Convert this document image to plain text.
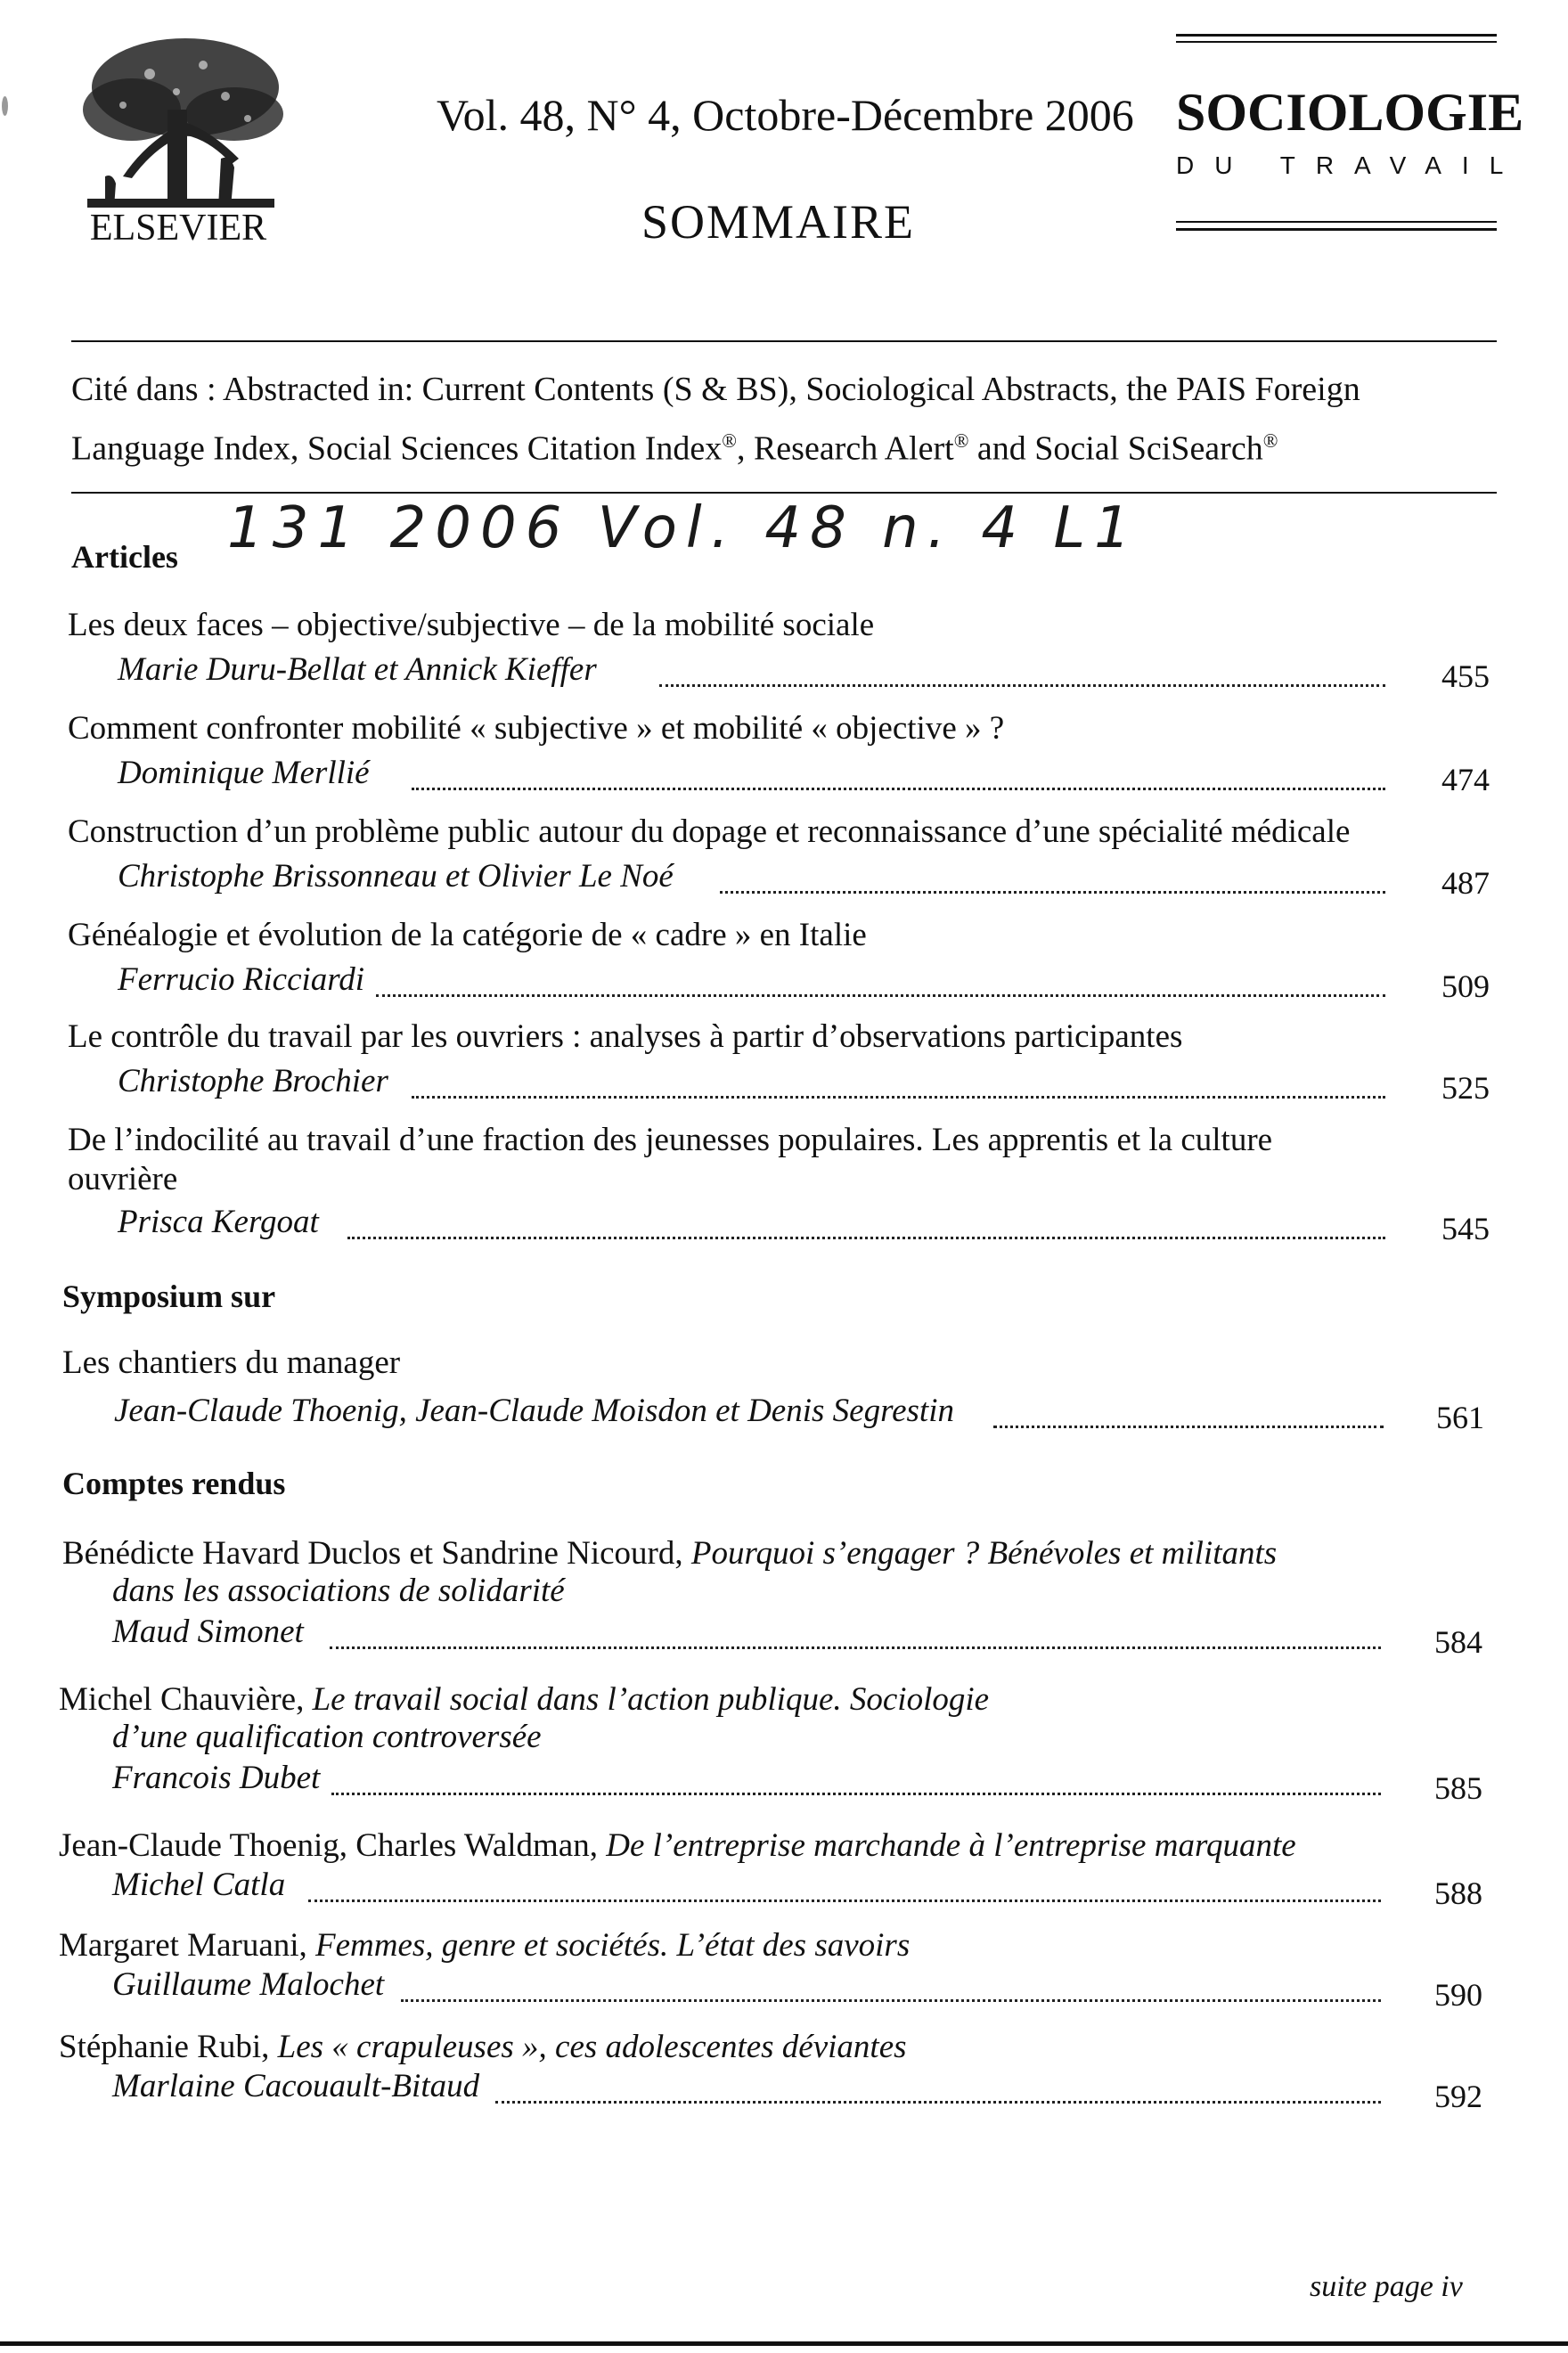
ELSEVIER
Vol. 48, N° 4, Octobre-Décembre 2006 SOCIOLOGIE
DU TRAVAIL
SOMMAIRE
Cité dans : Abstracted in: Current Contents (S & BS), Sociological Abstracts, the PAIS Foreign
Language Index, Social Sciences Citation Index®, Research Alert® and Social SciSearch®
131 2006 Vol. 48 n. 4 L1
Articles
Les deux faces – objective/subjective – de la mobilité sociale
Marie Duru-Bellat et Annick Kieffer	455
Comment confronter mobilité « subjective » et mobilité « objective » ?
Dominique Merllié	474
Construction d’un problème public autour du dopage et reconnaissance d’une spécialité médicale
Christophe Brissonneau et Olivier Le Noé	487
Généalogie et évolution de la catégorie de « cadre » en Italie
Ferrucio Ricciardi	509
Le contrôle du travail par les ouvriers : analyses à partir d’observations participantes
Christophe Brochier	525
De l’indocilité au travail d’une fraction des jeunesses populaires. Les apprentis et la culture
ouvrière
Prisca Kergoat	545
Symposium sur
Les chantiers du manager
Jean-Claude Thoenig, Jean-Claude Moisdon et Denis Segrestin	561
Comptes rendus
Bénédicte Havard Duclos et Sandrine Nicourd, Pourquoi s’engager ? Bénévoles et militants
dans les associations de solidarité
Maud Simonet	584
Michel Chauvière, Le travail social dans l’action publique. Sociologie
d’une qualification controversée
Francois Dubet	585
Jean-Claude Thoenig, Charles Waldman, De l’entreprise marchande à l’entreprise marquante
Michel Catla	588
Margaret Maruani, Femmes, genre et sociétés. L’état des savoirs
Guillaume Malochet	590
Stéphanie Rubi, Les « crapuleuses », ces adolescentes déviantes
Marlaine Cacouault-Bitaud	592
suite page iv
